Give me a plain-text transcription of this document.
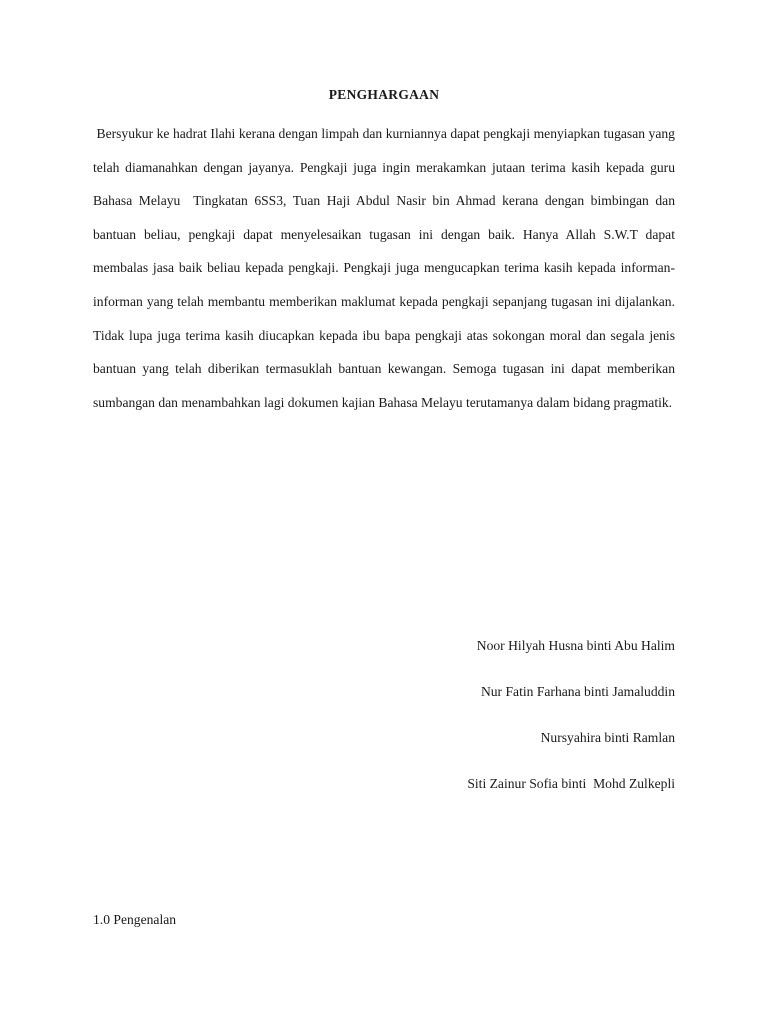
PENGHARGAAN

Bersyukur ke hadrat Ilahi kerana dengan limpah dan kurniannya dapat pengkaji menyiapkan tugasan yang telah diamanahkan dengan jayanya. Pengkaji juga ingin merakamkan jutaan terima kasih kepada guru Bahasa Melayu  Tingkatan 6SS3, Tuan Haji Abdul Nasir bin Ahmad kerana dengan bimbingan dan bantuan beliau, pengkaji dapat menyelesaikan tugasan ini dengan baik. Hanya Allah S.W.T dapat membalas jasa baik beliau kepada pengkaji. Pengkaji juga mengucapkan terima kasih kepada informan-informan yang telah membantu memberikan maklumat kepada pengkaji sepanjang tugasan ini dijalankan. Tidak lupa juga terima kasih diucapkan kepada ibu bapa pengkaji atas sokongan moral dan segala jenis bantuan yang telah diberikan termasuklah bantuan kewangan. Semoga tugasan ini dapat memberikan sumbangan dan menambahkan lagi dokumen kajian Bahasa Melayu terutamanya dalam bidang pragmatik.

Noor Hilyah Husna binti Abu Halim
Nur Fatin Farhana binti Jamaluddin
Nursyahira binti Ramlan
Siti Zainur Sofia binti  Mohd Zulkepli
1.0 Pengenalan
